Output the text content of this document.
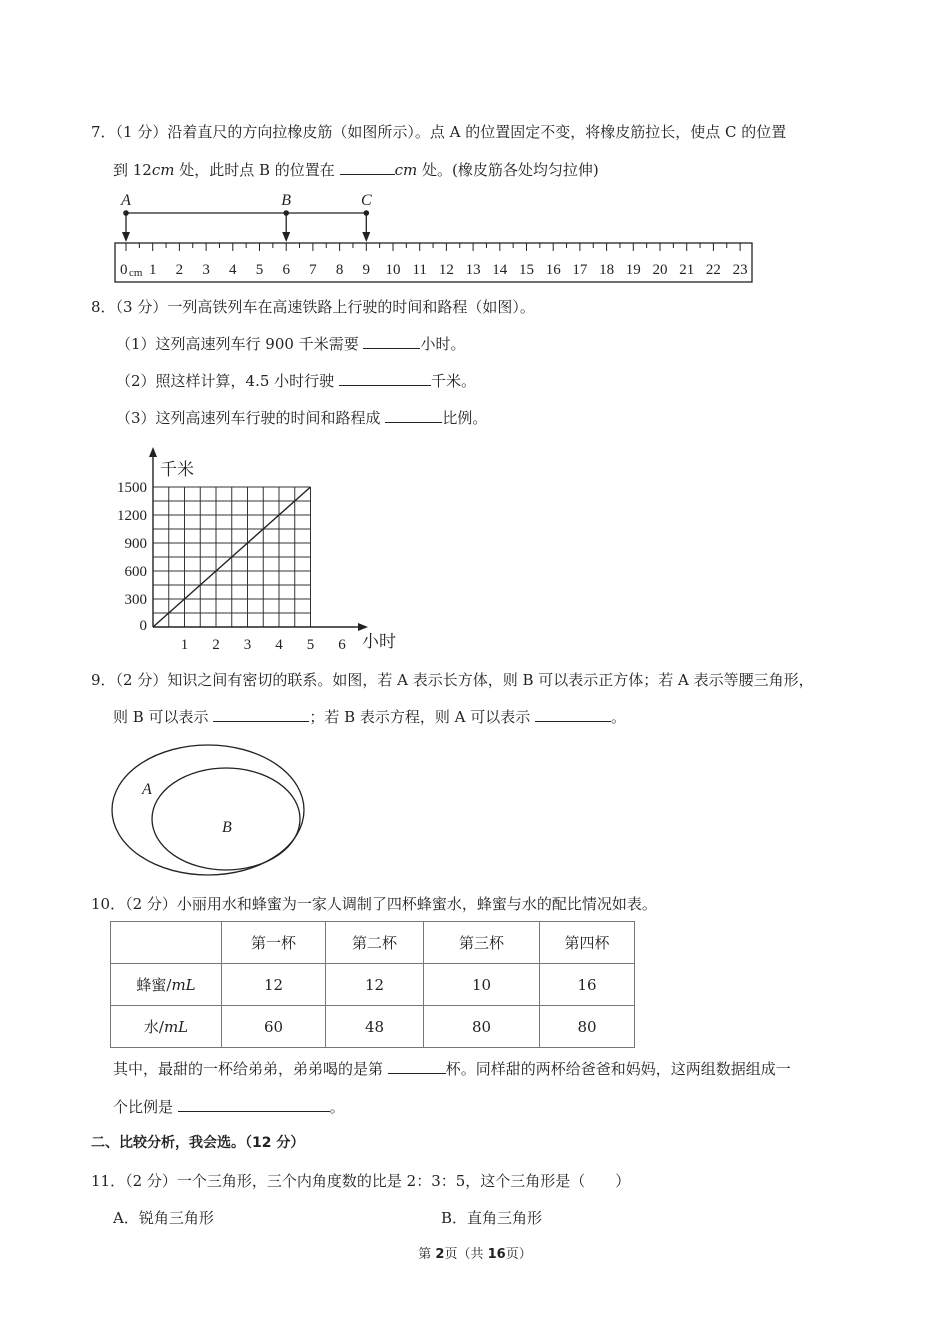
7．（1 分）沿着直尺的方向拉橡皮筋（如图所示）。点 A 的位置固定不变，将橡皮筋拉长，使点 C 的位置
到 12cm 处，此时点 B 的位置在	cm 处。(橡皮筋各处均匀拉伸)
A	B	C
0 cm 1 2 3 4 5 6 7 8 9 10 11 12 13 14 15 16 17 18 19 20 21 22 23
8．（3 分）一列高铁列车在高速铁路上行驶的时间和路程（如图）。
（1）这列高速列车行 900 千米需要	小时。
（2）照这样计算，4.5 小时行驶	千米。
（3）这列高速列车行驶的时间和路程成	比例。
1 2 3 4 5 6
0
300
600
900
1200
1500
千米
小时
9．（2 分）知识之间有密切的联系。如图，若 A 表示长方体，则 B 可以表示正方体；若 A 表示等腰三角形，
则 B 可以表示	；若 B 表示方程，则 A 可以表示	。
A
B
10．（2 分）小丽用水和蜂蜜为一家人调制了四杯蜂蜜水，蜂蜜与水的配比情况如表。
	第一杯	第二杯	第三杯	第四杯
蜂蜜/mL	12	12	10	16
水/mL	60	48	80	80
其中，最甜的一杯给弟弟，弟弟喝的是第	杯。同样甜的两杯给爸爸和妈妈，这两组数据组成一
个比例是	。
二、比较分析，我会选。（12 分）
11．（2 分）一个三角形，三个内角度数的比是 2：3：5，这个三角形是（　　）
A．锐角三角形	B．直角三角形
第 2页（共 16页）
